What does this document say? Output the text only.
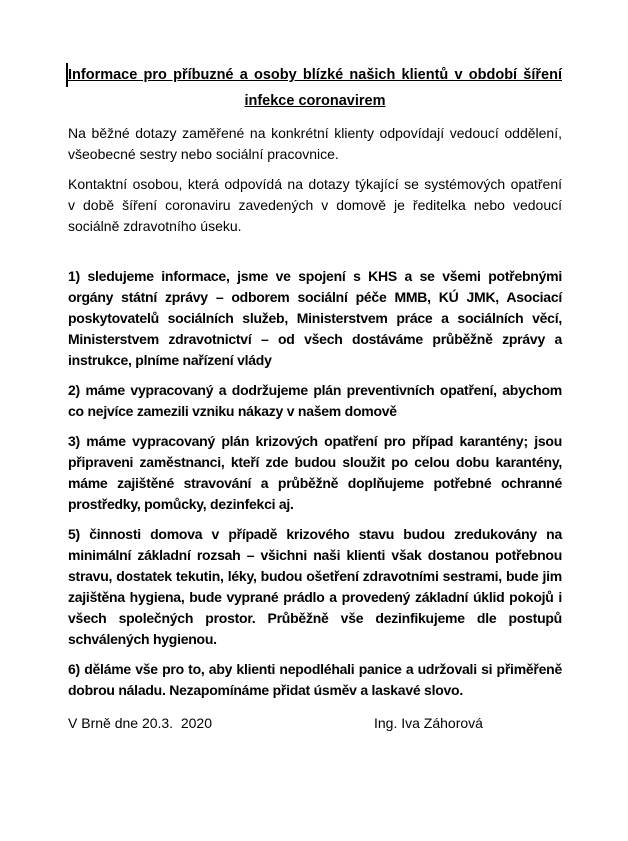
Informace pro příbuzné a osoby blízké našich klientů v období šíření
infekce coronavirem

Na běžné dotazy zaměřené na konkrétní klienty odpovídají vedoucí oddělení, všeobecné sestry nebo sociální pracovnice.

Kontaktní osobou, která odpovídá na dotazy týkající se systémových opatření v době šíření coronaviru zavedených v domově je ředitelka nebo vedoucí sociálně zdravotního úseku.

1) sledujeme informace, jsme ve spojení s KHS a se všemi potřebnými orgány státní zprávy – odborem sociální péče MMB, KÚ JMK, Asociací poskytovatelů sociálních služeb, Ministerstvem práce a sociálních věcí, Ministerstvem zdravotnictví – od všech dostáváme průběžně zprávy a instrukce, plníme nařízení vlády

2) máme vypracovaný a dodržujeme plán preventivních opatření, abychom co nejvíce zamezili vzniku nákazy v našem domově

3) máme vypracovaný plán krizových opatření pro případ karantény; jsou připraveni zaměstnanci, kteří zde budou sloužit po celou dobu karantény, máme zajištěné stravování a průběžně doplňujeme potřebné ochranné prostředky, pomůcky, dezinfekci aj.

5) činnosti domova v případě krizového stavu budou zredukovány na minimální základní rozsah – všichni naši klienti však dostanou potřebnou stravu, dostatek tekutin, léky, budou ošetření zdravotními sestrami, bude jim zajištěna hygiena, bude vyprané prádlo a provedený základní úklid pokojů i všech společných prostor. Průběžně vše dezinfikujeme dle postupů schválených hygienou.

6) děláme vše pro to, aby klienti nepodléhali panice a udržovali si přiměřeně dobrou náladu. Nezapomínáme přidat úsměv a laskavé slovo.

V Brně dne 20.3.  2020	Ing. Iva Záhorová
